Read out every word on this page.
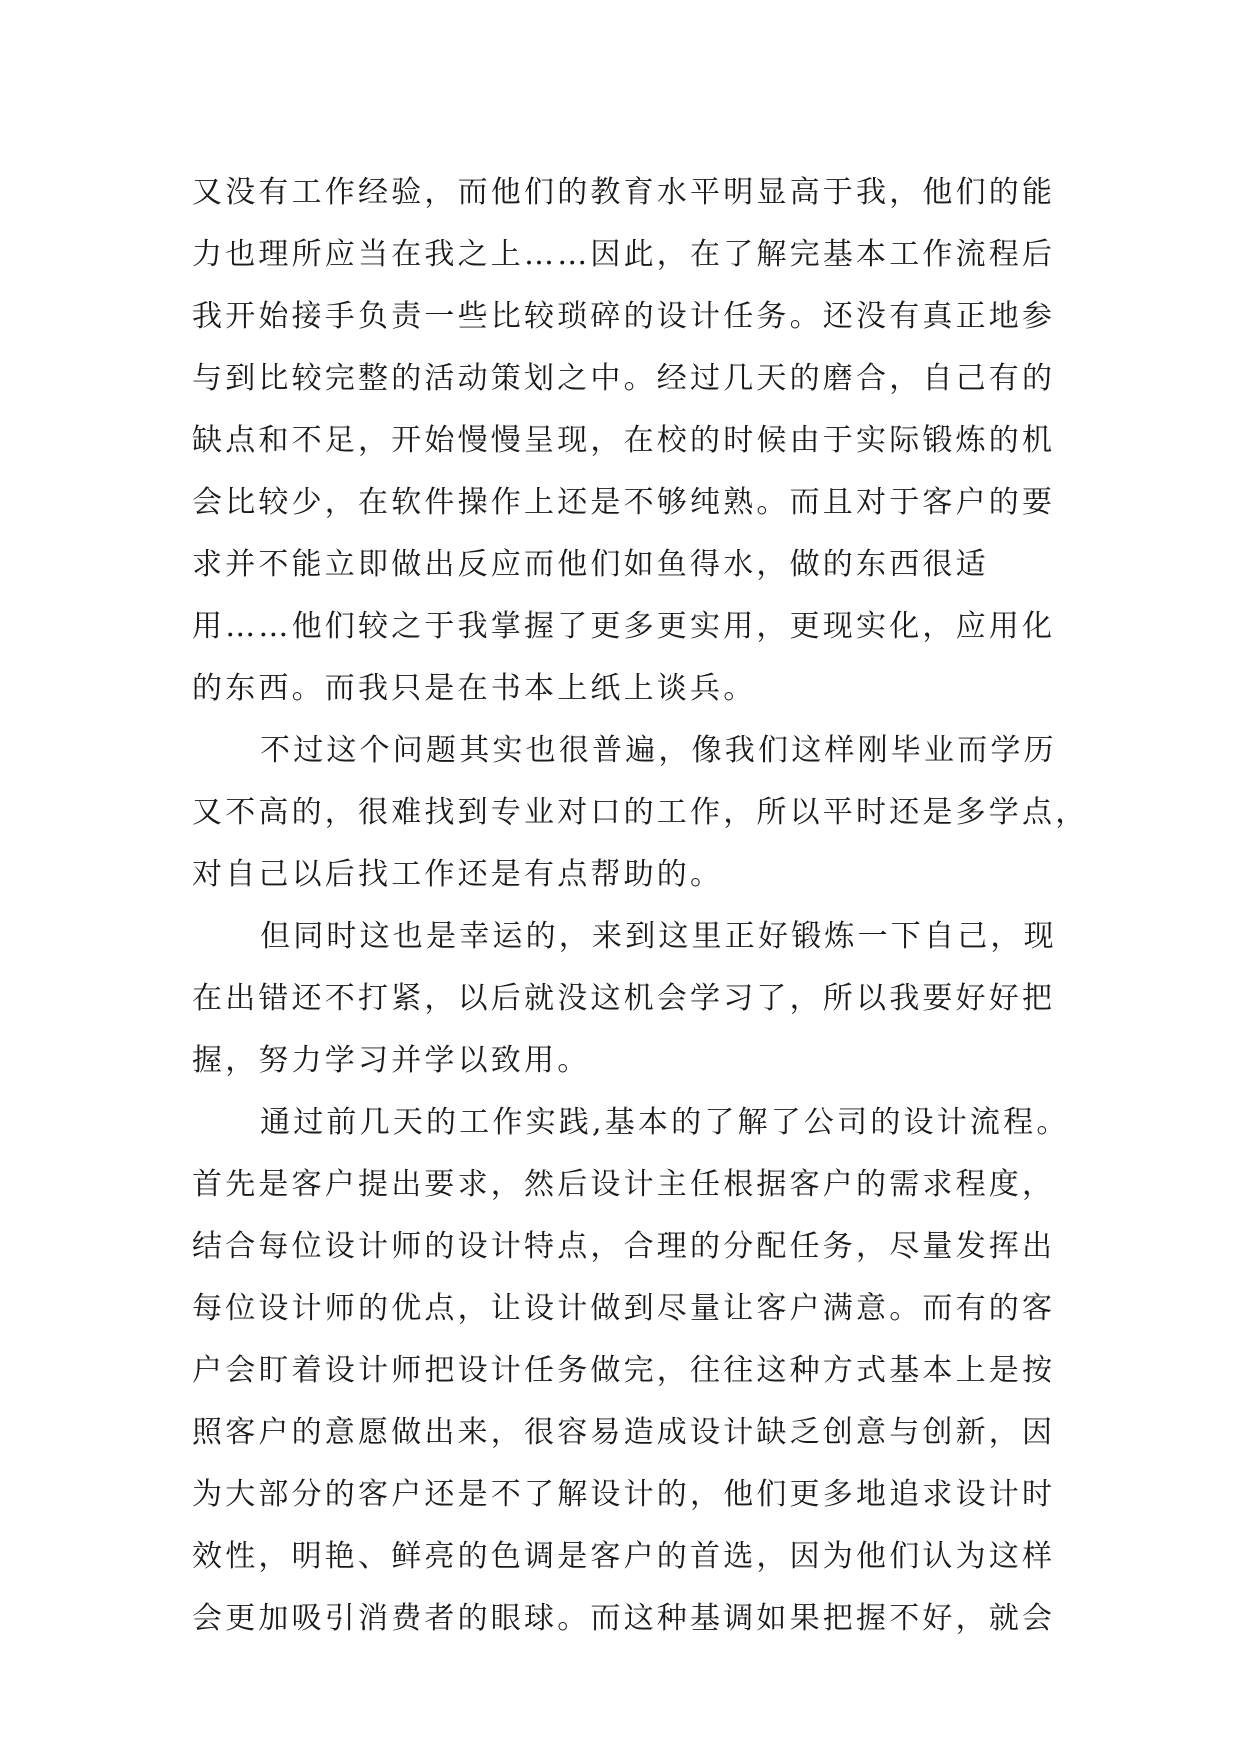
又没有工作经验，而他们的教育水平明显高于我，他们的能
力也理所应当在我之上……因此，在了解完基本工作流程后
我开始接手负责一些比较琐碎的设计任务。还没有真正地参
与到比较完整的活动策划之中。经过几天的磨合，自己有的
缺点和不足，开始慢慢呈现，在校的时候由于实际锻炼的机
会比较少，在软件操作上还是不够纯熟。而且对于客户的要
求并不能立即做出反应而他们如鱼得水，做的东西很适
用……他们较之于我掌握了更多更实用，更现实化，应用化
的东西。而我只是在书本上纸上谈兵。
不过这个问题其实也很普遍，像我们这样刚毕业而学历
又不高的，很难找到专业对口的工作，所以平时还是多学点，
对自己以后找工作还是有点帮助的。
但同时这也是幸运的，来到这里正好锻炼一下自己，现
在出错还不打紧，以后就没这机会学习了，所以我要好好把
握，努力学习并学以致用。
通过前几天的工作实践,基本的了解了公司的设计流程。
首先是客户提出要求，然后设计主任根据客户的需求程度，
结合每位设计师的设计特点，合理的分配任务，尽量发挥出
每位设计师的优点，让设计做到尽量让客户满意。而有的客
户会盯着设计师把设计任务做完，往往这种方式基本上是按
照客户的意愿做出来，很容易造成设计缺乏创意与创新，因
为大部分的客户还是不了解设计的，他们更多地追求设计时
效性，明艳、鲜亮的色调是客户的首选，因为他们认为这样
会更加吸引消费者的眼球。而这种基调如果把握不好，就会
